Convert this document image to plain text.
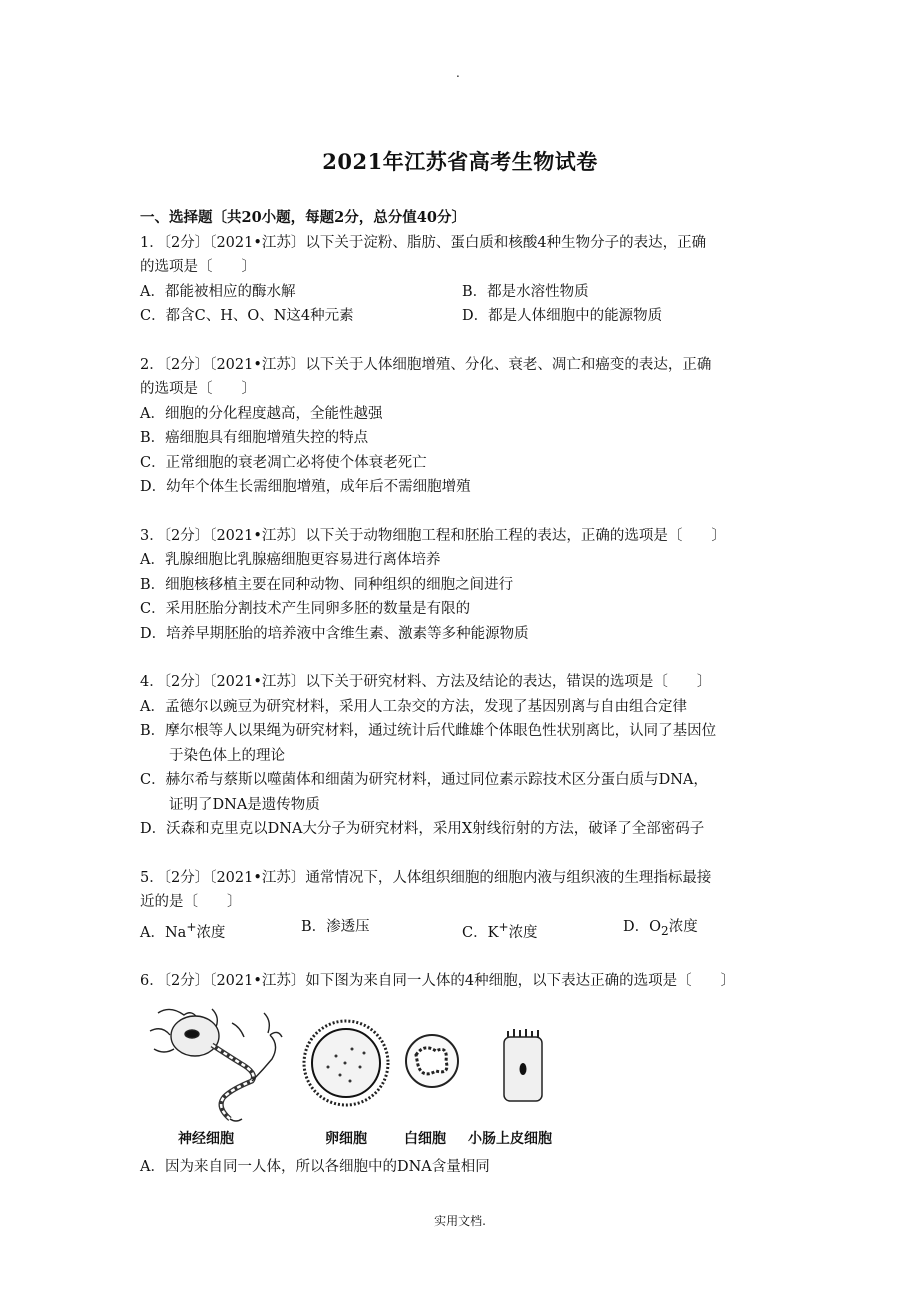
.
2021年江苏省高考生物试卷

一、选择题〔共20小题，每题2分，总分值40分〕

1．〔2分〕〔2021•江苏〕以下关于淀粉、脂肪、蛋白质和核酸4种生物分子的表达，正确

的选项是〔　　〕

A．都能被相应的酶水解	B．都是水溶性物质

C．都含C、H、O、N这4种元素	D．都是人体细胞中的能源物质

2．〔2分〕〔2021•江苏〕以下关于人体细胞增殖、分化、衰老、凋亡和癌变的表达，正确

的选项是〔　　〕

A．细胞的分化程度越高，全能性越强

B．癌细胞具有细胞增殖失控的特点

C．正常细胞的衰老凋亡必将使个体衰老死亡

D．幼年个体生长需细胞增殖，成年后不需细胞增殖

3．〔2分〕〔2021•江苏〕以下关于动物细胞工程和胚胎工程的表达，正确的选项是〔　　〕

A．乳腺细胞比乳腺癌细胞更容易进行离体培养

B．细胞核移植主要在同种动物、同种组织的细胞之间进行

C．采用胚胎分割技术产生同卵多胚的数量是有限的

D．培养早期胚胎的培养液中含维生素、激素等多种能源物质

4．〔2分〕〔2021•江苏〕以下关于研究材料、方法及结论的表达，错误的选项是〔　　〕

A．孟德尔以豌豆为研究材料，采用人工杂交的方法，发现了基因别离与自由组合定律

B．摩尔根等人以果绳为研究材料，通过统计后代雌雄个体眼色性状别离比，认同了基因位

于染色体上的理论

C．赫尔希与蔡斯以噬菌体和细菌为研究材料，通过同位素示踪技术区分蛋白质与DNA，

证明了DNA是遗传物质

D．沃森和克里克以DNA大分子为研究材料，采用X射线衍射的方法，破译了全部密码子

5．〔2分〕〔2021•江苏〕通常情况下，人体组织细胞的细胞内液与组织液的生理指标最接

近的是〔　　〕

A．Na+浓度	B．渗透压	C．K+浓度	D．$O_2$浓度

6．〔2分〕〔2021•江苏〕如下图为来自同一人体的4种细胞，以下表达正确的选项是〔　　〕

神经细胞	卵细胞	白细胞 小肠上皮细胞

A．因为来自同一人体，所以各细胞中的DNA含量相同

实用文档.
